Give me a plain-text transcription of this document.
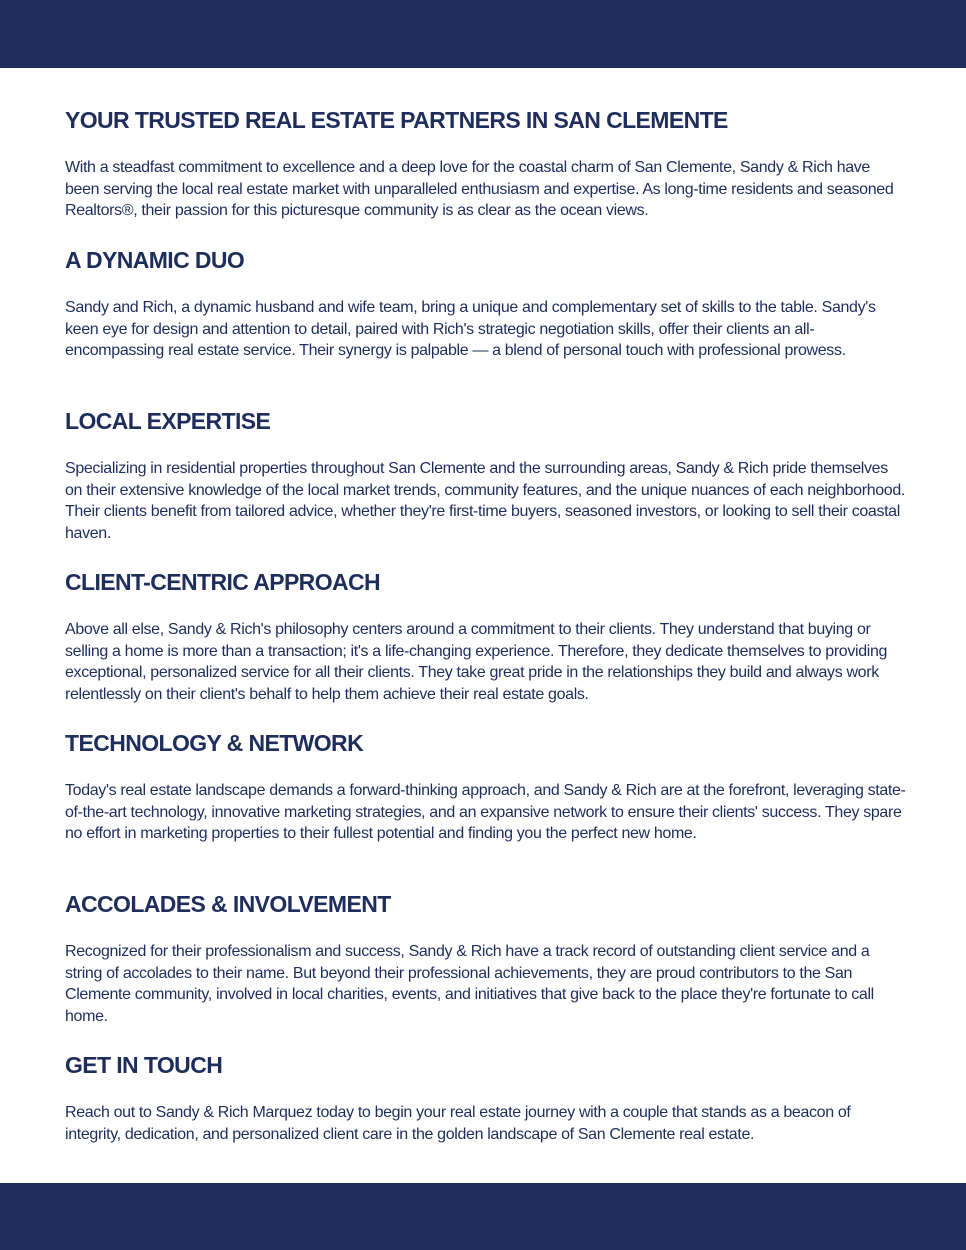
YOUR TRUSTED REAL ESTATE PARTNERS IN SAN CLEMENTE

With a steadfast commitment to excellence and a deep love for the coastal charm of San Clemente, Sandy & Rich have been serving the local real estate market with unparalleled enthusiasm and expertise. As long-time residents and seasoned Realtors®, their passion for this picturesque community is as clear as the ocean views.

A DYNAMIC DUO

Sandy and Rich, a dynamic husband and wife team, bring a unique and complementary set of skills to the table. Sandy's keen eye for design and attention to detail, paired with Rich's strategic negotiation skills, offer their clients an all-encompassing real estate service. Their synergy is palpable — a blend of personal touch with professional prowess.

LOCAL EXPERTISE

Specializing in residential properties throughout San Clemente and the surrounding areas, Sandy & Rich pride themselves on their extensive knowledge of the local market trends, community features, and the unique nuances of each neighborhood. Their clients benefit from tailored advice, whether they're first-time buyers, seasoned investors, or looking to sell their coastal haven.

CLIENT-CENTRIC APPROACH

Above all else, Sandy & Rich's philosophy centers around a commitment to their clients. They understand that buying or selling a home is more than a transaction; it's a life-changing experience. Therefore, they dedicate themselves to providing exceptional, personalized service for all their clients. They take great pride in the relationships they build and always work relentlessly on their client's behalf to help them achieve their real estate goals.

TECHNOLOGY & NETWORK

Today's real estate landscape demands a forward-thinking approach, and Sandy & Rich are at the forefront, leveraging state-of-the-art technology, innovative marketing strategies, and an expansive network to ensure their clients' success. They spare no effort in marketing properties to their fullest potential and finding you the perfect new home.

ACCOLADES & INVOLVEMENT

Recognized for their professionalism and success, Sandy & Rich have a track record of outstanding client service and a string of accolades to their name. But beyond their professional achievements, they are proud contributors to the San Clemente community, involved in local charities, events, and initiatives that give back to the place they're fortunate to call home.

GET IN TOUCH

Reach out to Sandy & Rich Marquez today to begin your real estate journey with a couple that stands as a beacon of integrity, dedication, and personalized client care in the golden landscape of San Clemente real estate.
